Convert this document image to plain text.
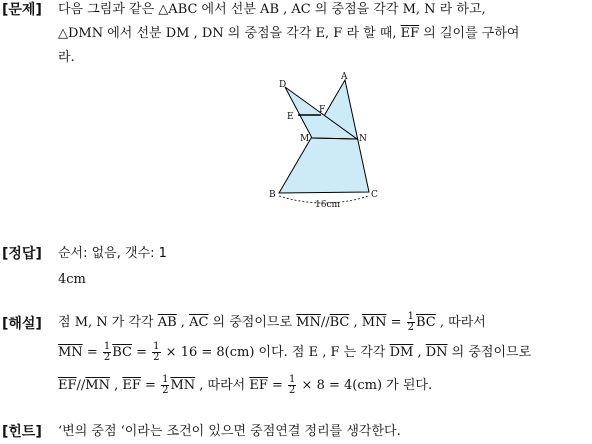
[문제] 다음 그림과 같은 △ABC 에서 선분 AB , AC 의 중점을 각각 M, N 라 하고,
△DMN 에서 선분 DM , DN 의 중점을 각각 E, F 라 할 때, $\overline{EF}$ 의 길이를 구하여
라.
A
B	C
D
E
F
M	N
16cm
[정답] 순서: 없음, 갯수: 1
4cm
[해설] 점 M, N 가 각각 $\overline{AB}$ , $\overline{AC}$ 의 중점이므로 $\overline{MN}//\overline{BC}$ , $\overline{MN} = \frac{1}{2} \overline{BC}$ , 따라서
$\overline{MN} = \frac{1}{2} \overline{BC} = \frac{1}{2} \times 16 = 8(cm)$ 이다. 점 E , F 는 각각 $\overline{DM}$ , $\overline{DN}$ 의 중점이므로
$\overline{EF}//\overline{MN}$ , $\overline{EF} = \frac{1}{2} \overline{MN}$ , 따라서 $\overline{EF} = \frac{1}{2} \times 8 = 4(cm)$ 가 된다.
[힌트] ‘변의 중점 ‘이라는 조건이 있으면 중점연결 정리를 생각한다.
